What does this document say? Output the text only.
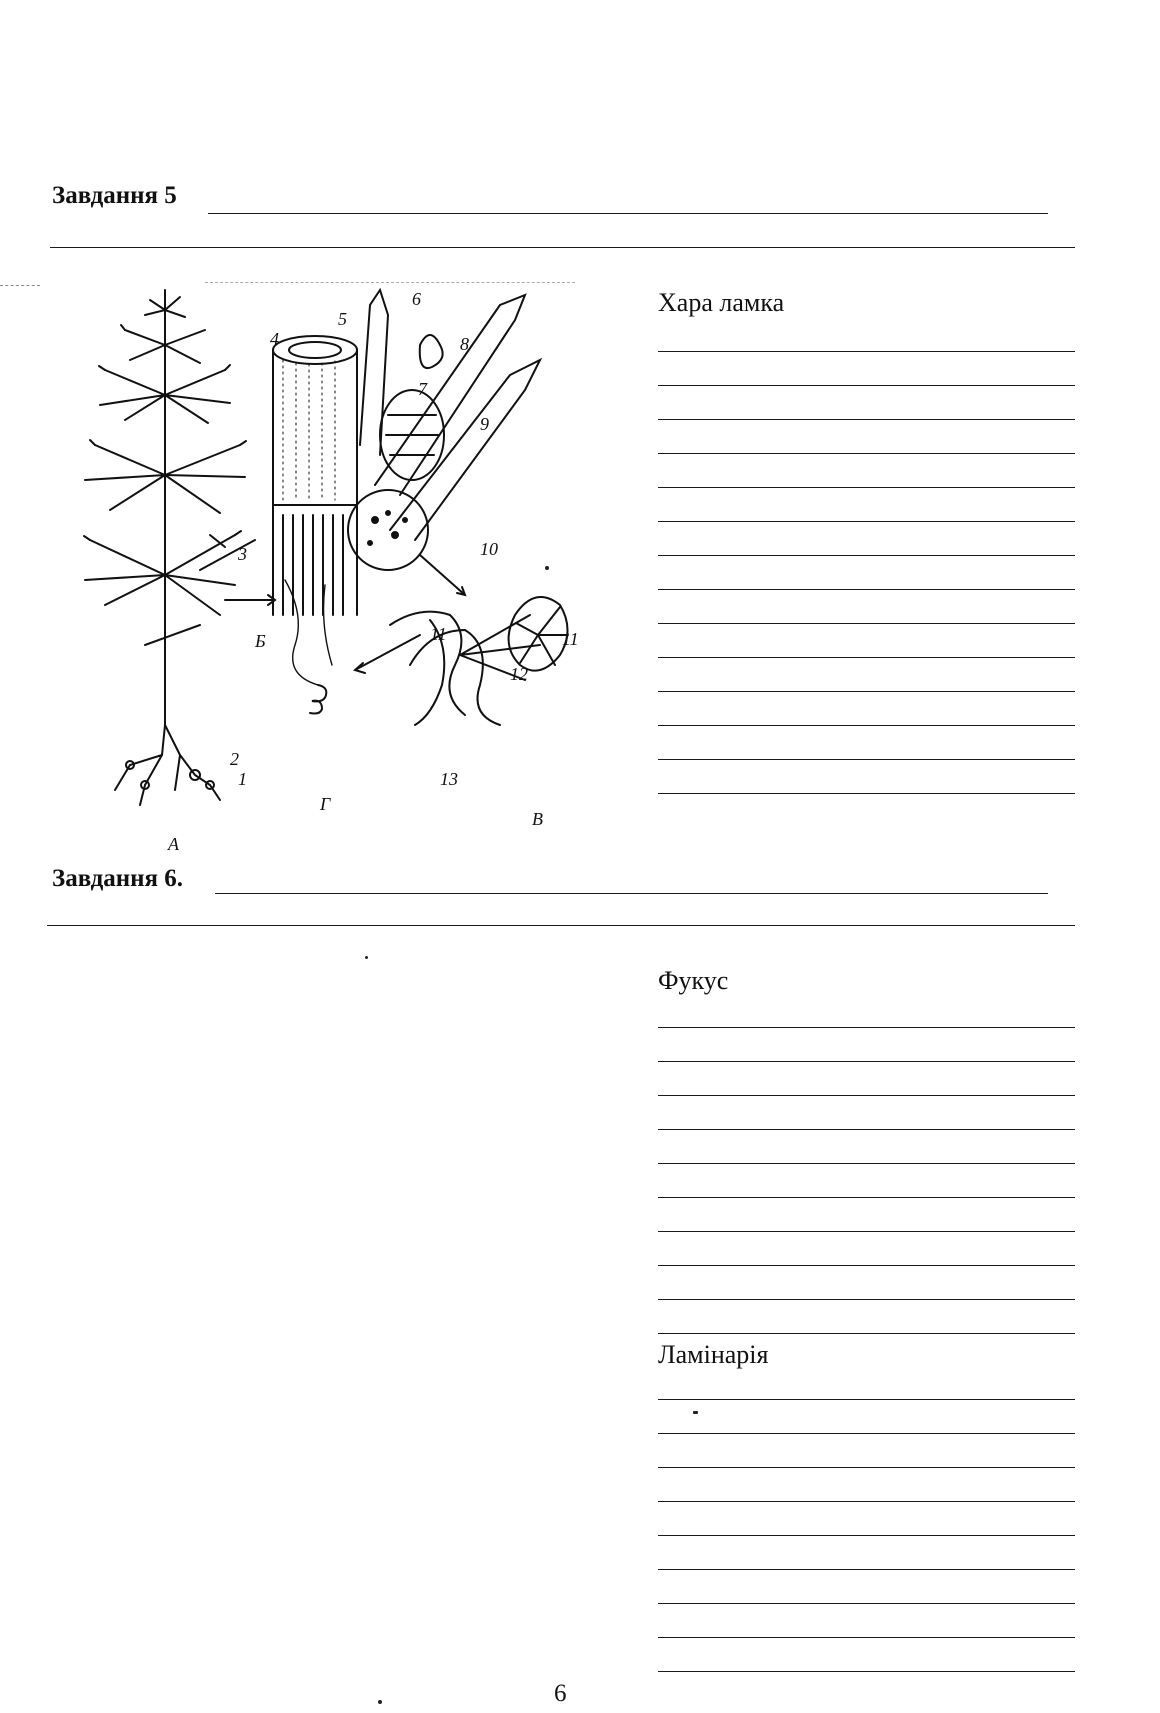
Завдання 5
А
Б
В
Г
1
2
3
4
5
6
7
8
9
10
11	11
12
13
Хара ламка
Завдання 6.
Фукус
Ламінарія
6
